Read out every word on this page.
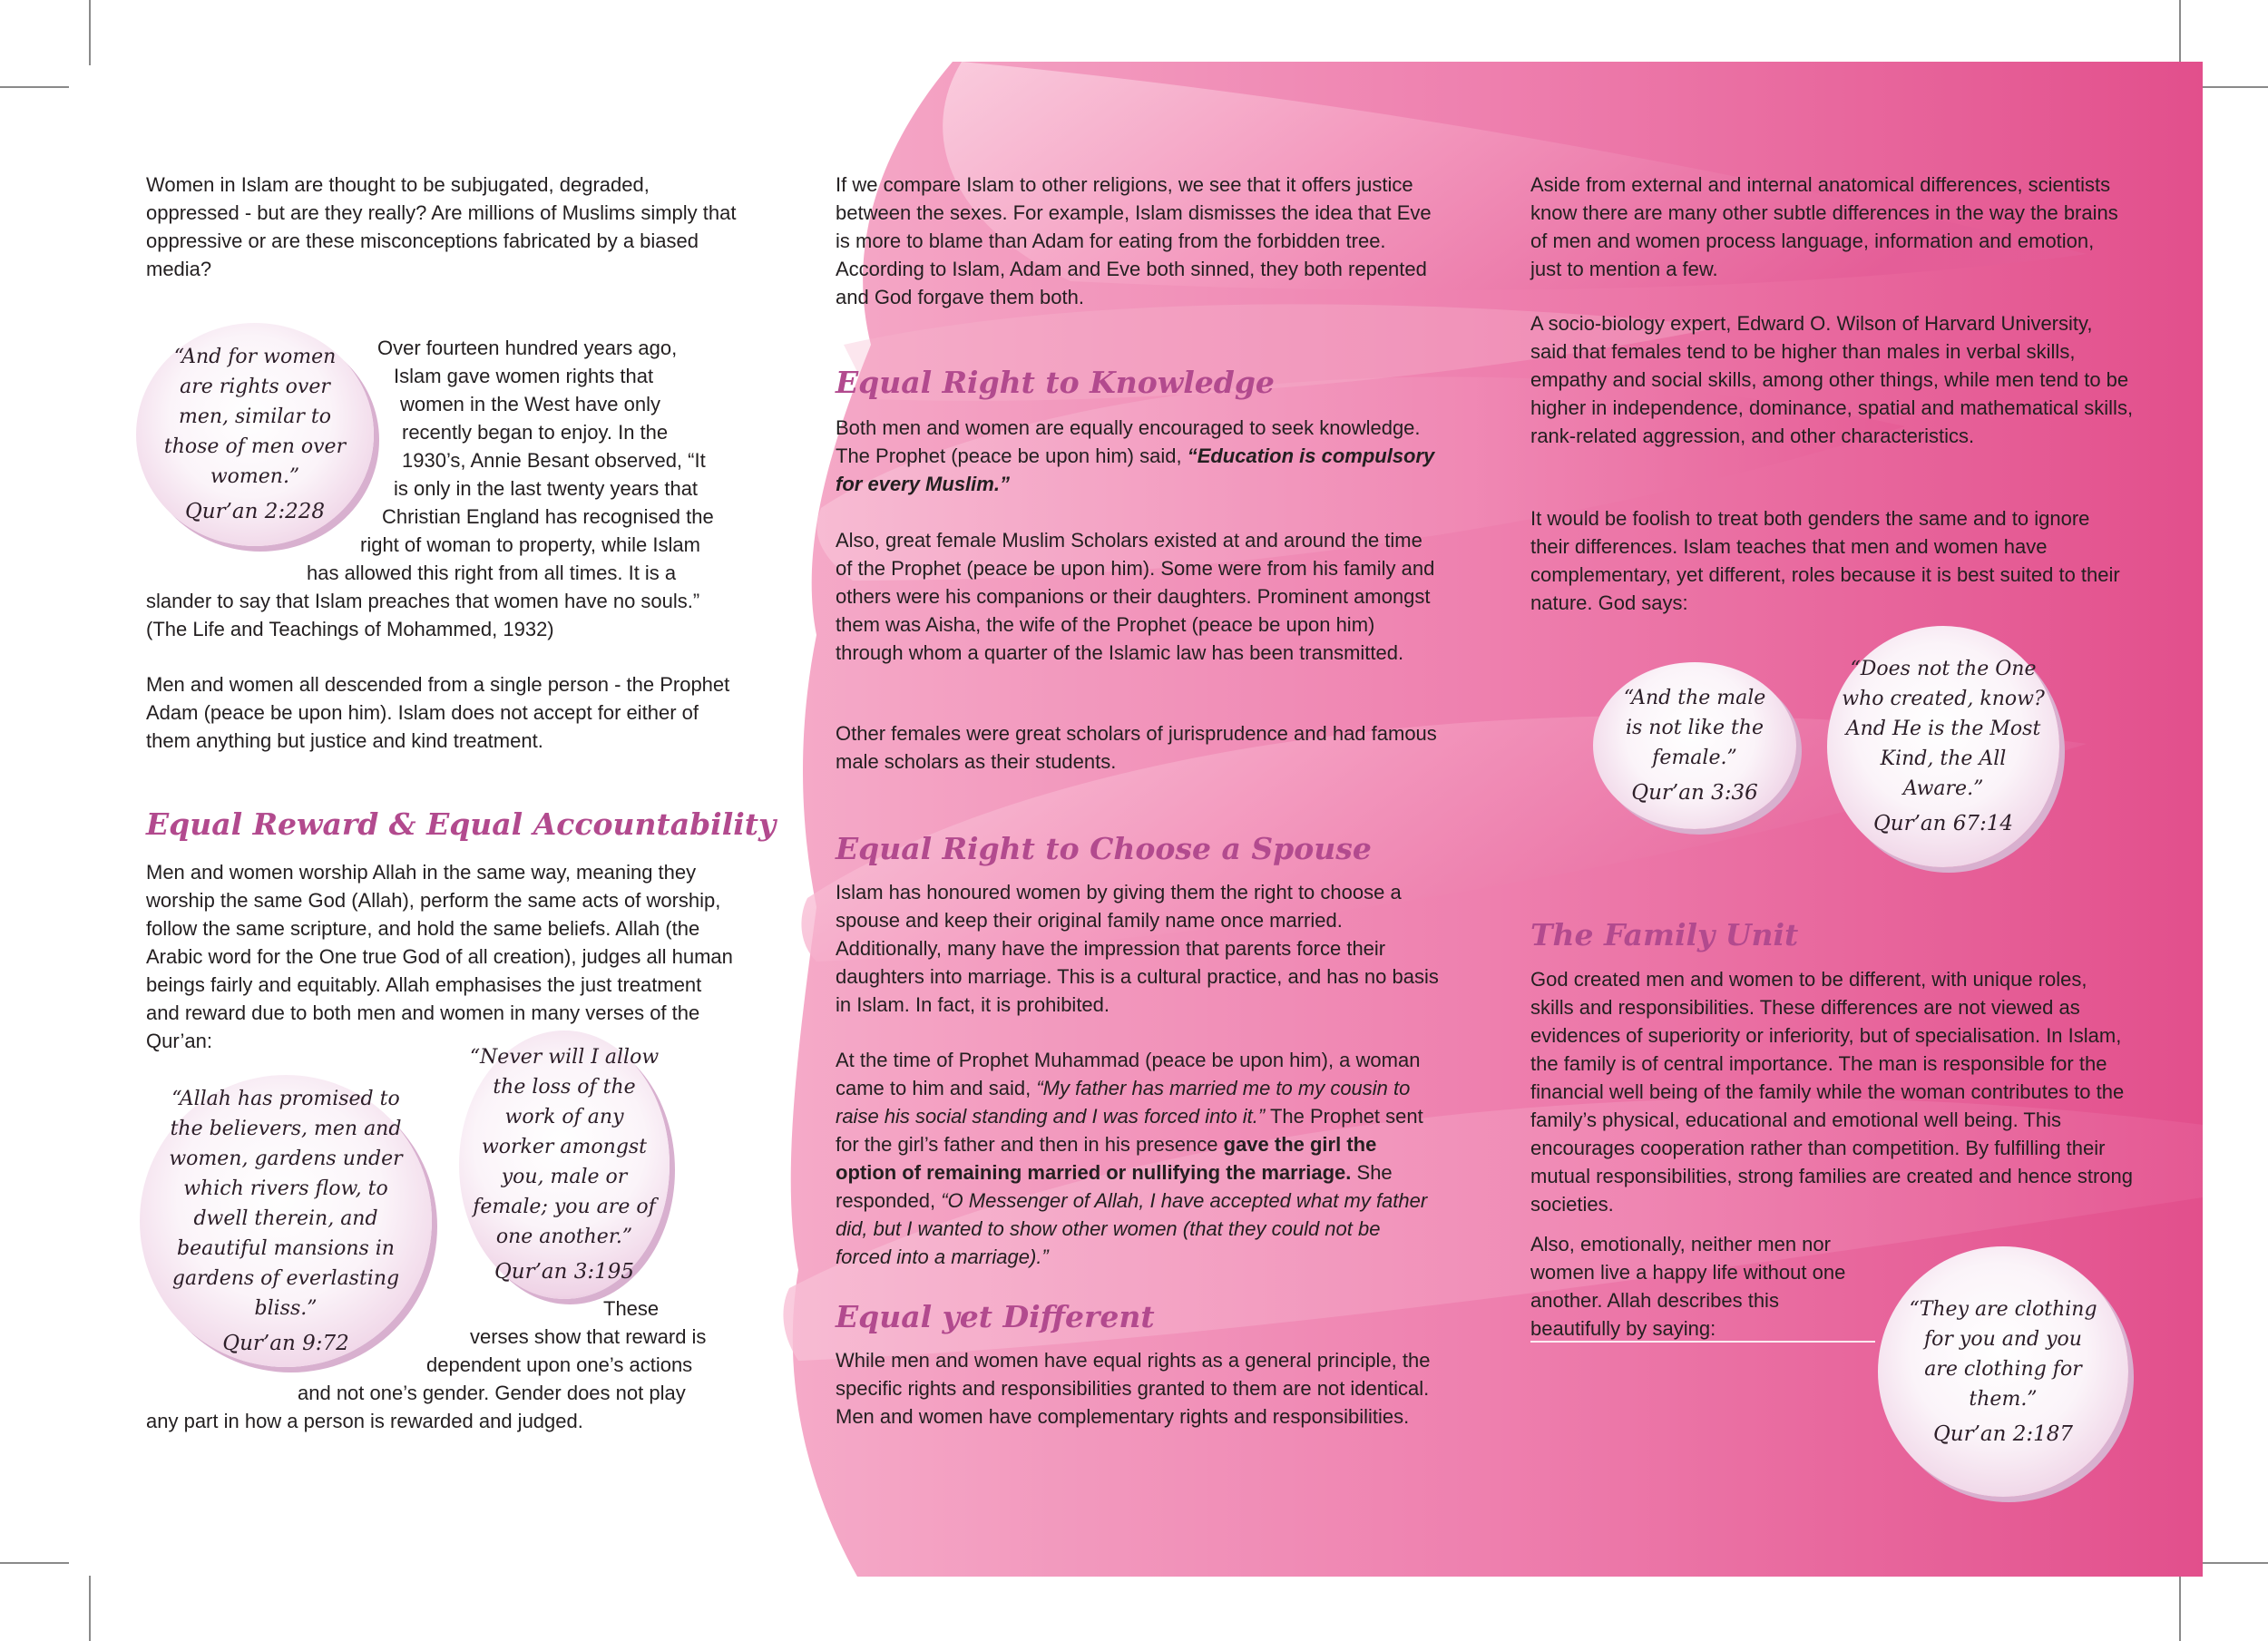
Women in Islam are thought to be subjugated, degraded, oppressed - but are they really? Are millions of Muslims simply that oppressive or are these misconceptions fabricated by a biased media?

“And for women are rights over men, similar to those of men over women.”
Qur’an 2:228
Over fourteen hundred years ago,
Islam gave women rights that
women in the West have only
recently began to enjoy. In the
1930’s, Annie Besant observed, “It
is only in the last twenty years that
Christian England has recognised the
right of woman to property, while Islam
has allowed this right from all times. It is a
slander to say that Islam preaches that women have no souls.”
(The Life and Teachings of Mohammed, 1932)

Men and women all descended from a single person - the Prophet Adam (peace be upon him). Islam does not accept for either of them anything but justice and kind treatment.

Equal Reward & Equal Accountability

Men and women worship Allah in the same way, meaning they worship the same God (Allah), perform the same acts of worship, follow the same scripture, and hold the same beliefs. Allah (the Arabic word for the One true God of all creation), judges all human beings fairly and equitably. Allah emphasises the just treatment and reward due to both men and women in many verses of the Qur’an:

“Allah has promised to the believers, men and women, gardens under which rivers flow, to dwell therein, and beautiful mansions in gardens of everlasting bliss.”
Qur’an 9:72
“Never will I allow the loss of the work of any worker amongst you, male or female; you are of one another.”
Qur’an 3:195
These
verses show that reward is
dependent upon one’s actions
and not one’s gender. Gender does not play
any part in how a person is rewarded and judged.

If we compare Islam to other religions, we see that it offers justice between the sexes. For example, Islam dismisses the idea that Eve is more to blame than Adam for eating from the forbidden tree. According to Islam, Adam and Eve both sinned, they both repented and God forgave them both.

Equal Right to Knowledge

Both men and women are equally encouraged to seek knowledge. The Prophet (peace be upon him) said, “Education is compulsory for every Muslim.”

Also, great female Muslim Scholars existed at and around the time of the Prophet (peace be upon him). Some were from his family and others were his companions or their daughters. Prominent amongst them was Aisha, the wife of the Prophet (peace be upon him) through whom a quarter of the Islamic law has been transmitted.

Other females were great scholars of jurisprudence and had famous male scholars as their students.

Equal Right to Choose a Spouse

Islam has honoured women by giving them the right to choose a spouse and keep their original family name once married. Additionally, many have the impression that parents force their daughters into marriage. This is a cultural practice, and has no basis in Islam. In fact, it is prohibited.

At the time of Prophet Muhammad (peace be upon him), a woman came to him and said, “My father has married me to my cousin to raise his social standing and I was forced into it.” The Prophet sent for the girl’s father and then in his presence gave the girl the option of remaining married or nullifying the marriage. She responded, “O Messenger of Allah, I have accepted what my father did, but I wanted to show other women (that they could not be forced into a marriage).”

Equal yet Different

While men and women have equal rights as a general principle, the specific rights and responsibilities granted to them are not identical. Men and women have complementary rights and responsibilities.

Aside from external and internal anatomical differences, scientists know there are many other subtle differences in the way the brains of men and women process language, information and emotion, just to mention a few.

A socio-biology expert, Edward O. Wilson of Harvard University, said that females tend to be higher than males in verbal skills, empathy and social skills, among other things, while men tend to be higher in independence, dominance, spatial and mathematical skills, rank-related aggression, and other characteristics.

It would be foolish to treat both genders the same and to ignore their differences. Islam teaches that men and women have complementary, yet different, roles because it is best suited to their nature. God says:

“And the male is not like the female.”
Qur’an 3:36
“Does not the One who created, know? And He is the Most Kind, the All Aware.”
Qur’an 67:14
The Family Unit

God created men and women to be different, with unique roles, skills and responsibilities. These differences are not viewed as evidences of superiority or inferiority, but of specialisation. In Islam, the family is of central importance. The man is responsible for the financial well being of the family while the woman contributes to the family’s physical, educational and emotional well being. This encourages cooperation rather than competition. By fulfilling their mutual responsibilities, strong families are created and hence strong societies.

Also, emotionally, neither men nor women live a happy life without one another. Allah describes this beautifully by saying:

“They are clothing for you and you are clothing for them.”
Qur’an 2:187
